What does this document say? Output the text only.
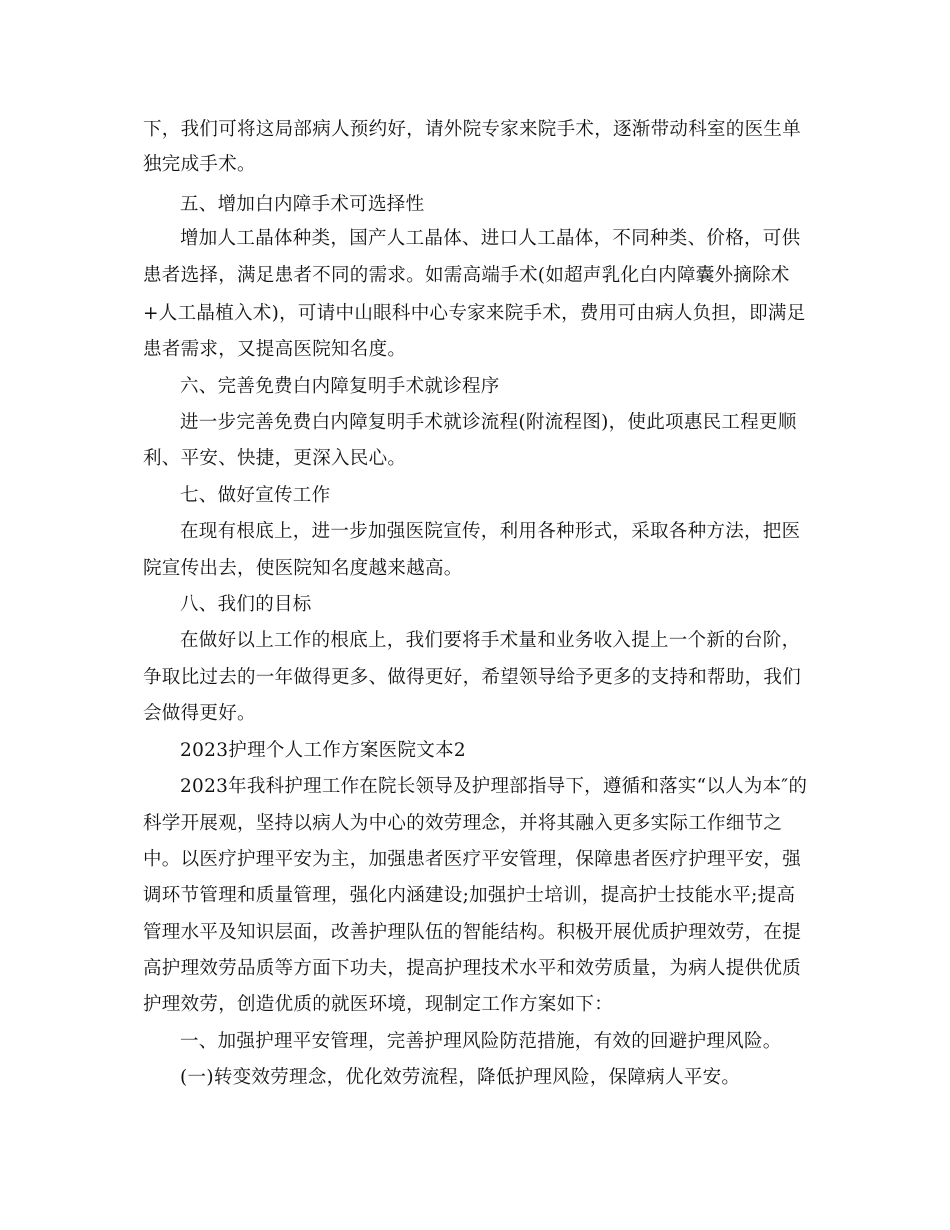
下，我们可将这局部病人预约好，请外院专家来院手术，逐渐带动科室的医生单
独完成手术。
五、增加白内障手术可选择性
增加人工晶体种类，国产人工晶体、进口人工晶体，不同种类、价格，可供
患者选择，满足患者不同的需求。如需高端手术(如超声乳化白内障囊外摘除术
+人工晶植入术)，可请中山眼科中心专家来院手术，费用可由病人负担，即满足
患者需求，又提高医院知名度。
六、完善免费白内障复明手术就诊程序
进一步完善免费白内障复明手术就诊流程(附流程图)，使此项惠民工程更顺
利、平安、快捷，更深入民心。
七、做好宣传工作
在现有根底上，进一步加强医院宣传，利用各种形式，采取各种方法，把医
院宣传出去，使医院知名度越来越高。
八、我们的目标
在做好以上工作的根底上，我们要将手术量和业务收入提上一个新的台阶，
争取比过去的一年做得更多、做得更好，希望领导给予更多的支持和帮助，我们
会做得更好。
2023护理个人工作方案医院文本2
2023年我科护理工作在院长领导及护理部指导下，遵循和落实“以人为本″的
科学开展观，坚持以病人为中心的效劳理念，并将其融入更多实际工作细节之
中。以医疗护理平安为主，加强患者医疗平安管理，保障患者医疗护理平安，强
调环节管理和质量管理，强化内涵建设;加强护士培训，提高护士技能水平;提高
管理水平及知识层面，改善护理队伍的智能结构。积极开展优质护理效劳，在提
高护理效劳品质等方面下功夫，提高护理技术水平和效劳质量，为病人提供优质
护理效劳，创造优质的就医环境，现制定工作方案如下：
一、加强护理平安管理，完善护理风险防范措施，有效的回避护理风险。
(一)转变效劳理念，优化效劳流程，降低护理风险，保障病人平安。
